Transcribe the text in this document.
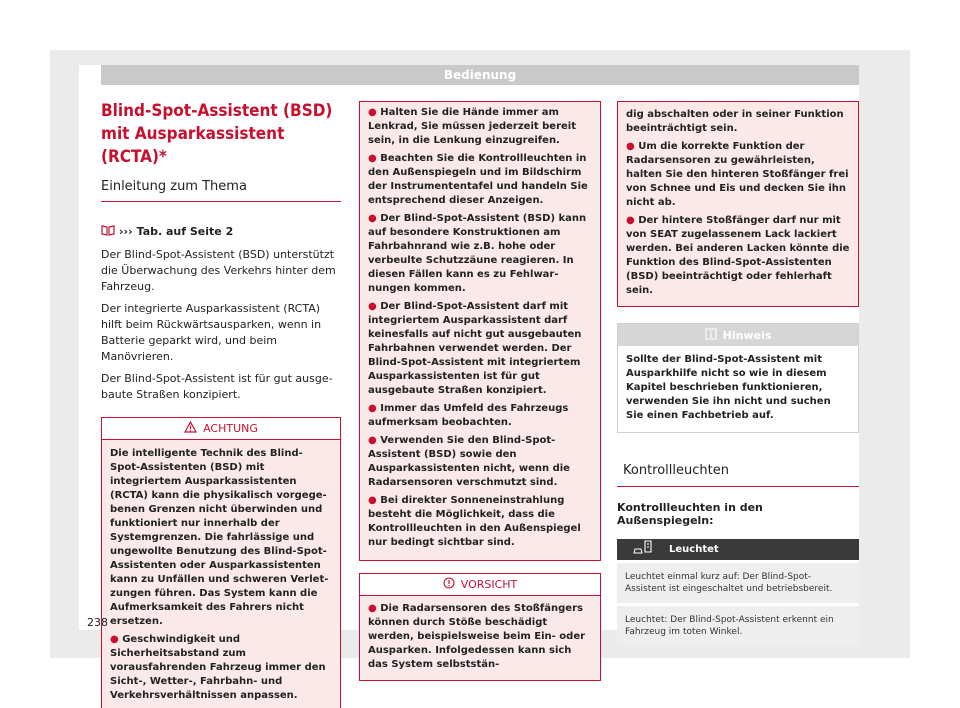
Bedienung
Blind-Spot-Assistent (BSD) mit Ausparkassistent (RCTA)*
Einleitung zum Thema
››› Tab. auf Seite 2

Der Blind-Spot-Assistent (BSD) unterstützt die Überwachung des Verkehrs hinter dem Fahrzeug.

Der integrierte Ausparkassistent (RCTA) hilft beim Rückwärtsausparken, wenn in Batterie geparkt wird, und beim Manövrieren.

Der Blind-Spot-Assistent ist für gut ausgebaute Straßen konzipiert.

ACHTUNG
Die intelligente Technik des Blind-Spot-Assistenten (BSD) mit integriertem Ausparkassistenten (RCTA) kann die physikalisch vorgegebenen Grenzen nicht überwinden und funktioniert nur innerhalb der Systemgrenzen. Die fahrlässige und ungewollte Benutzung des Blind-Spot-Assistenten oder Ausparkassistenten kann zu Unfällen und schweren Verletzungen führen. Das System kann die Aufmerksamkeit des Fahrers nicht ersetzen.
● Geschwindigkeit und Sicherheitsabstand zum vorausfahrenden Fahrzeug immer den Sicht-, Wetter-, Fahrbahn- und Verkehrsverhältnissen anpassen.
● Halten Sie die Hände immer am Lenkrad, Sie müssen jederzeit bereit sein, in die Lenkung einzugreifen.
● Beachten Sie die Kontrollleuchten in den Außenspiegeln und im Bildschirm der Instrumententafel und handeln Sie entsprechend dieser Anzeigen.
● Der Blind-Spot-Assistent (BSD) kann auf besondere Konstruktionen am Fahrbahnrand wie z.B. hohe oder verbeulte Schutzzäune reagieren. In diesen Fällen kann es zu Fehlwarnungen kommen.
● Der Blind-Spot-Assistent darf mit integriertem Ausparkassistent darf keinesfalls auf nicht gut ausgebauten Fahrbahnen verwendet werden. Der Blind-Spot-Assistent mit integriertem Ausparkassistenten ist für gut ausgebaute Straßen konzipiert.
● Immer das Umfeld des Fahrzeugs aufmerksam beobachten.
● Verwenden Sie den Blind-Spot-Assistent (BSD) sowie den Ausparkassistenten nicht, wenn die Radarsensoren verschmutzt sind.
● Bei direkter Sonneneinstrahlung besteht die Möglichkeit, dass die Kontrollleuchten in den Außenspiegel nur bedingt sichtbar sind.
VORSICHT
● Die Radarsensoren des Stoßfängers können durch Stöße beschädigt werden, beispielsweise beim Ein- oder Ausparken. Infolgedessen kann sich das System selbststän-
dig abschalten oder in seiner Funktion beeinträchtigt sein.
● Um die korrekte Funktion der Radarsensoren zu gewährleisten, halten Sie den hinteren Stoßfänger frei von Schnee und Eis und decken Sie ihn nicht ab.
● Der hintere Stoßfänger darf nur mit von SEAT zugelassenem Lack lackiert werden. Bei anderen Lacken könnte die Funktion des Blind-Spot-Assistenten (BSD) beeinträchtigt oder fehlerhaft sein.
Hinweis
Sollte der Blind-Spot-Assistent mit Ausparkhilfe nicht so wie in diesem Kapitel beschrieben funktionieren, verwenden Sie ihn nicht und suchen Sie einen Fachbetrieb auf.
Kontrollleuchten
Kontrollleuchten in den Außenspiegeln:
	Leuchtet
Leuchtet einmal kurz auf: Der Blind-Spot-Assistent ist eingeschaltet und betriebsbereit.
Leuchtet: Der Blind-Spot-Assistent erkennt ein Fahrzeug im toten Winkel.
238
